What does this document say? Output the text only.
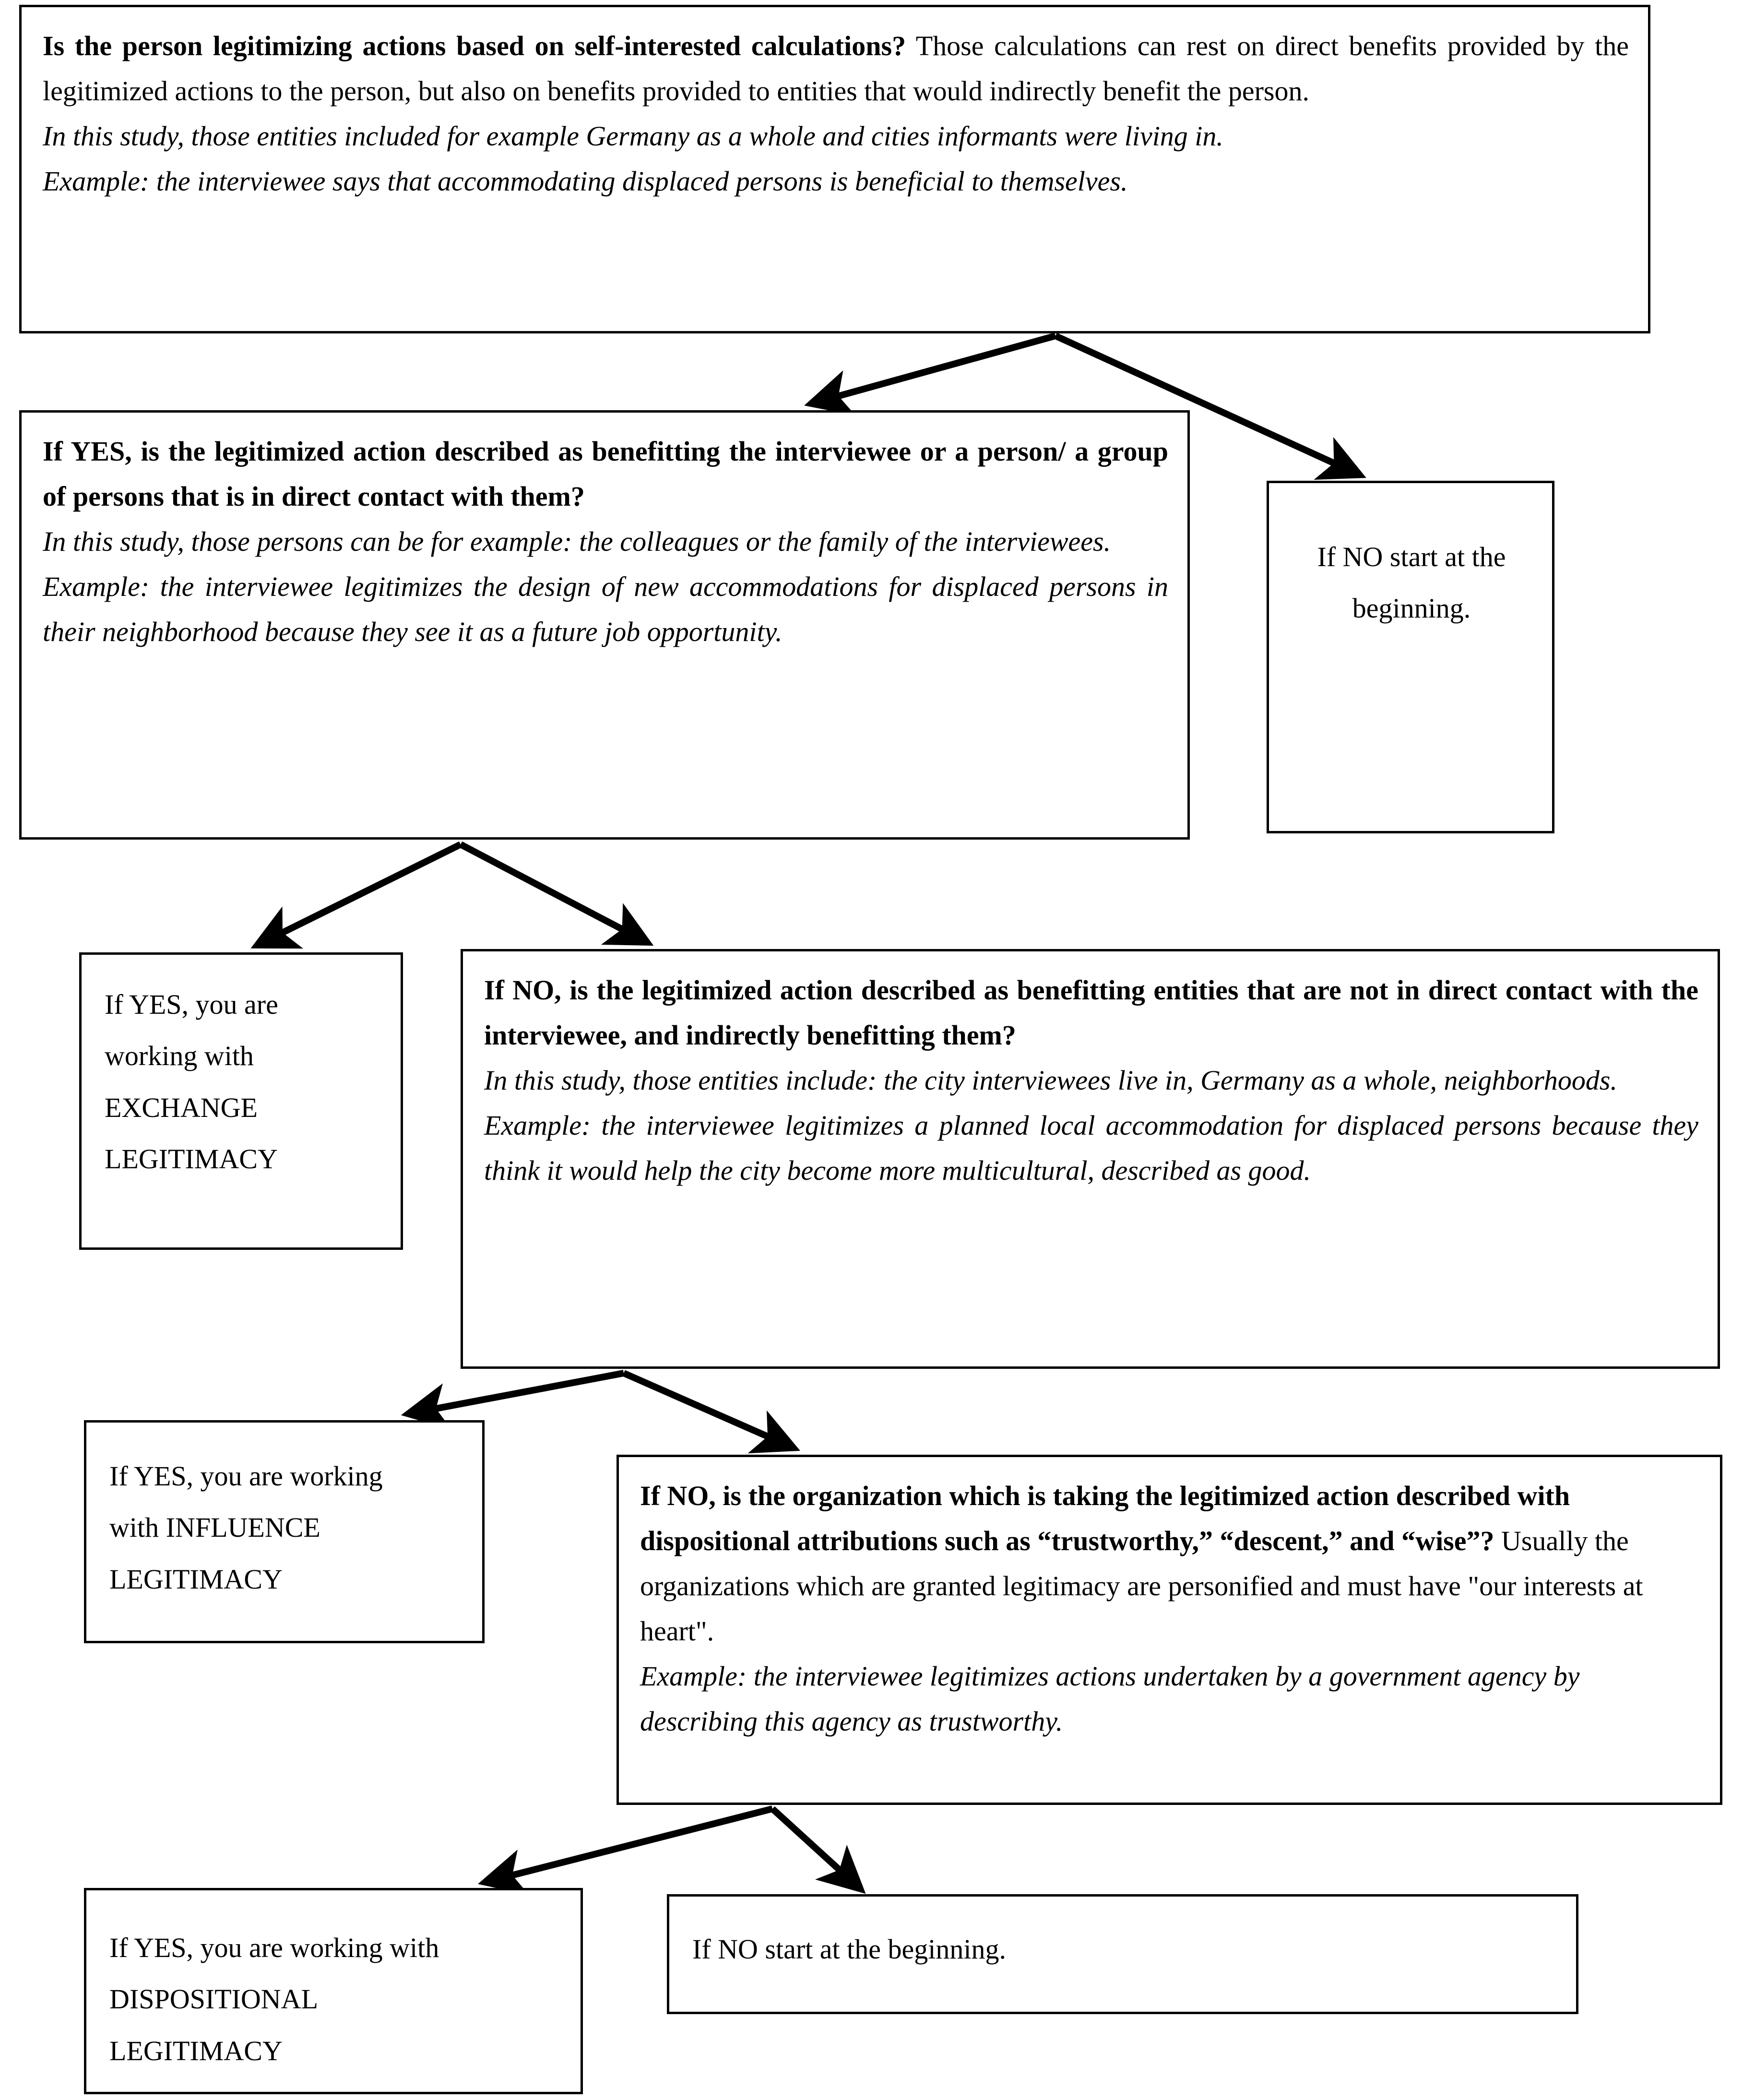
Is the person legitimizing actions based on self-interested calculations? Those calculations can rest on direct benefits provided by the legitimized actions to the person, but also on benefits provided to entities that would indirectly benefit the person.

In this study, those entities included for example Germany as a whole and cities informants were living in.

Example: the interviewee says that accommodating displaced persons is beneficial to themselves.

If YES, is the legitimized action described as benefitting the interviewee or a person/ a group of persons that is in direct contact with them?

In this study, those persons can be for example: the colleagues or the family of the interviewees.

Example: the interviewee legitimizes the design of new accommodations for displaced persons in their neighborhood because they see it as a future job opportunity.

If NO start at the beginning.

If YES, you are

working with

EXCHANGE

LEGITIMACY

If NO, is the legitimized action described as benefitting entities that are not in direct contact with the interviewee, and indirectly benefitting them?

In this study, those entities include: the city interviewees live in, Germany as a whole, neighborhoods.

Example: the interviewee legitimizes a planned local accommodation for displaced persons because they think it would help the city become more multicultural, described as good.

If YES, you are working

with INFLUENCE

LEGITIMACY

If NO, is the organization which is taking the legitimized action described with dispositional attributions such as “trustworthy,” “descent,” and “wise”? Usually the organizations which are granted legitimacy are personified and must have "our interests at heart".

Example: the interviewee legitimizes actions undertaken by a government agency by describing this agency as trustworthy.

If YES, you are working with

DISPOSITIONAL

LEGITIMACY

If NO start at the beginning.
